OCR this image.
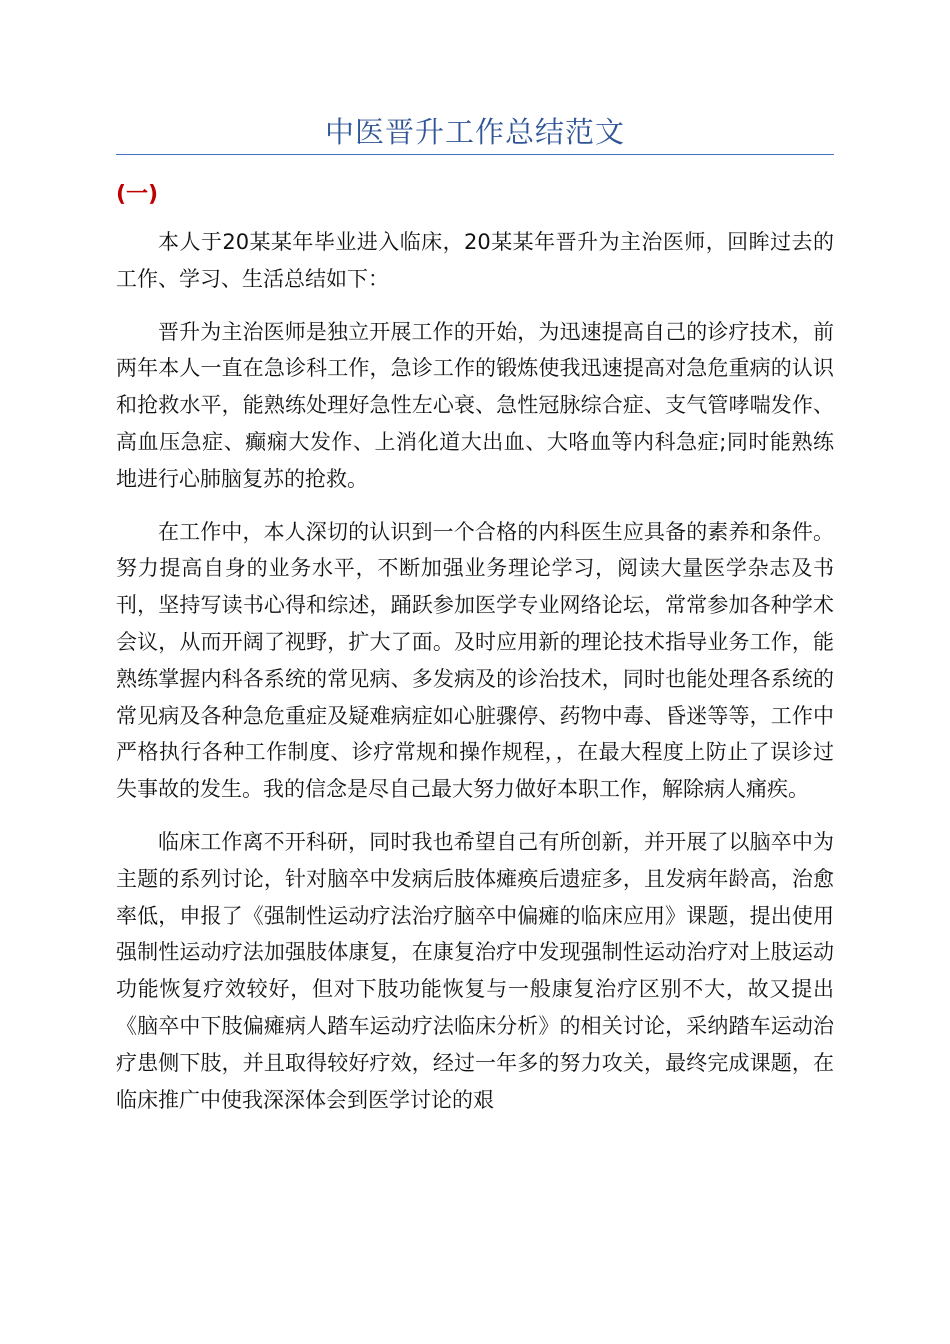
中医晋升工作总结范文
(一)

本人于20某某年毕业进入临床，20某某年晋升为主治医师，回眸过去的工作、学习、生活总结如下：

晋升为主治医师是独立开展工作的开始，为迅速提高自己的诊疗技术，前两年本人一直在急诊科工作，急诊工作的锻炼使我迅速提高对急危重病的认识和抢救水平，能熟练处理好急性左心衰、急性冠脉综合症、支气管哮喘发作、高血压急症、癫痫大发作、上消化道大出血、大咯血等内科急症;同时能熟练地进行心肺脑复苏的抢救。

在工作中，本人深切的认识到一个合格的内科医生应具备的素养和条件。努力提高自身的业务水平，不断加强业务理论学习，阅读大量医学杂志及书刊，坚持写读书心得和综述，踊跃参加医学专业网络论坛，常常参加各种学术会议，从而开阔了视野，扩大了面。及时应用新的理论技术指导业务工作，能熟练掌握内科各系统的常见病、多发病及的诊治技术，同时也能处理各系统的常见病及各种急危重症及疑难病症如心脏骤停、药物中毒、昏迷等等，工作中严格执行各种工作制度、诊疗常规和操作规程，，在最大程度上防止了误诊过失事故的发生。我的信念是尽自己最大努力做好本职工作，解除病人痛疾。

临床工作离不开科研，同时我也希望自己有所创新，并开展了以脑卒中为主题的系列讨论，针对脑卒中发病后肢体瘫痪后遗症多，且发病年龄高，治愈率低，申报了《强制性运动疗法治疗脑卒中偏瘫的临床应用》课题，提出使用强制性运动疗法加强肢体康复，在康复治疗中发现强制性运动治疗对上肢运动功能恢复疗效较好，但对下肢功能恢复与一般康复治疗区别不大，故又提出《脑卒中下肢偏瘫病人踏车运动疗法临床分析》的相关讨论，采纳踏车运动治疗患侧下肢，并且取得较好疗效，经过一年多的努力攻关，最终完成课题，在临床推广中使我深深体会到医学讨论的艰
